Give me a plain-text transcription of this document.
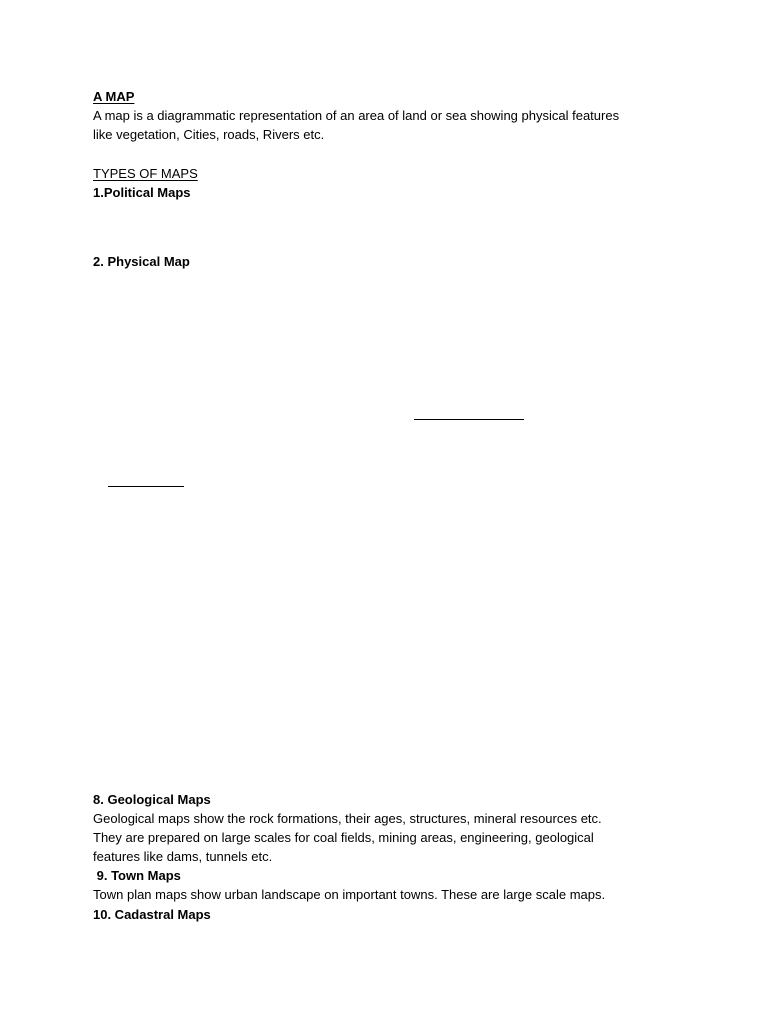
A MAP
A map is a diagrammatic representation of an area of land or sea showing physical features
like vegetation, Cities, roads, Rivers etc.
TYPES OF MAPS
1.Political Maps
2. Physical Map
8. Geological Maps
Geological maps show the rock formations, their ages, structures, mineral resources etc.
They are prepared on large scales for coal fields, mining areas, engineering, geological
features like dams, tunnels etc.
9. Town Maps
Town plan maps show urban landscape on important towns. These are large scale maps.
10. Cadastral Maps
